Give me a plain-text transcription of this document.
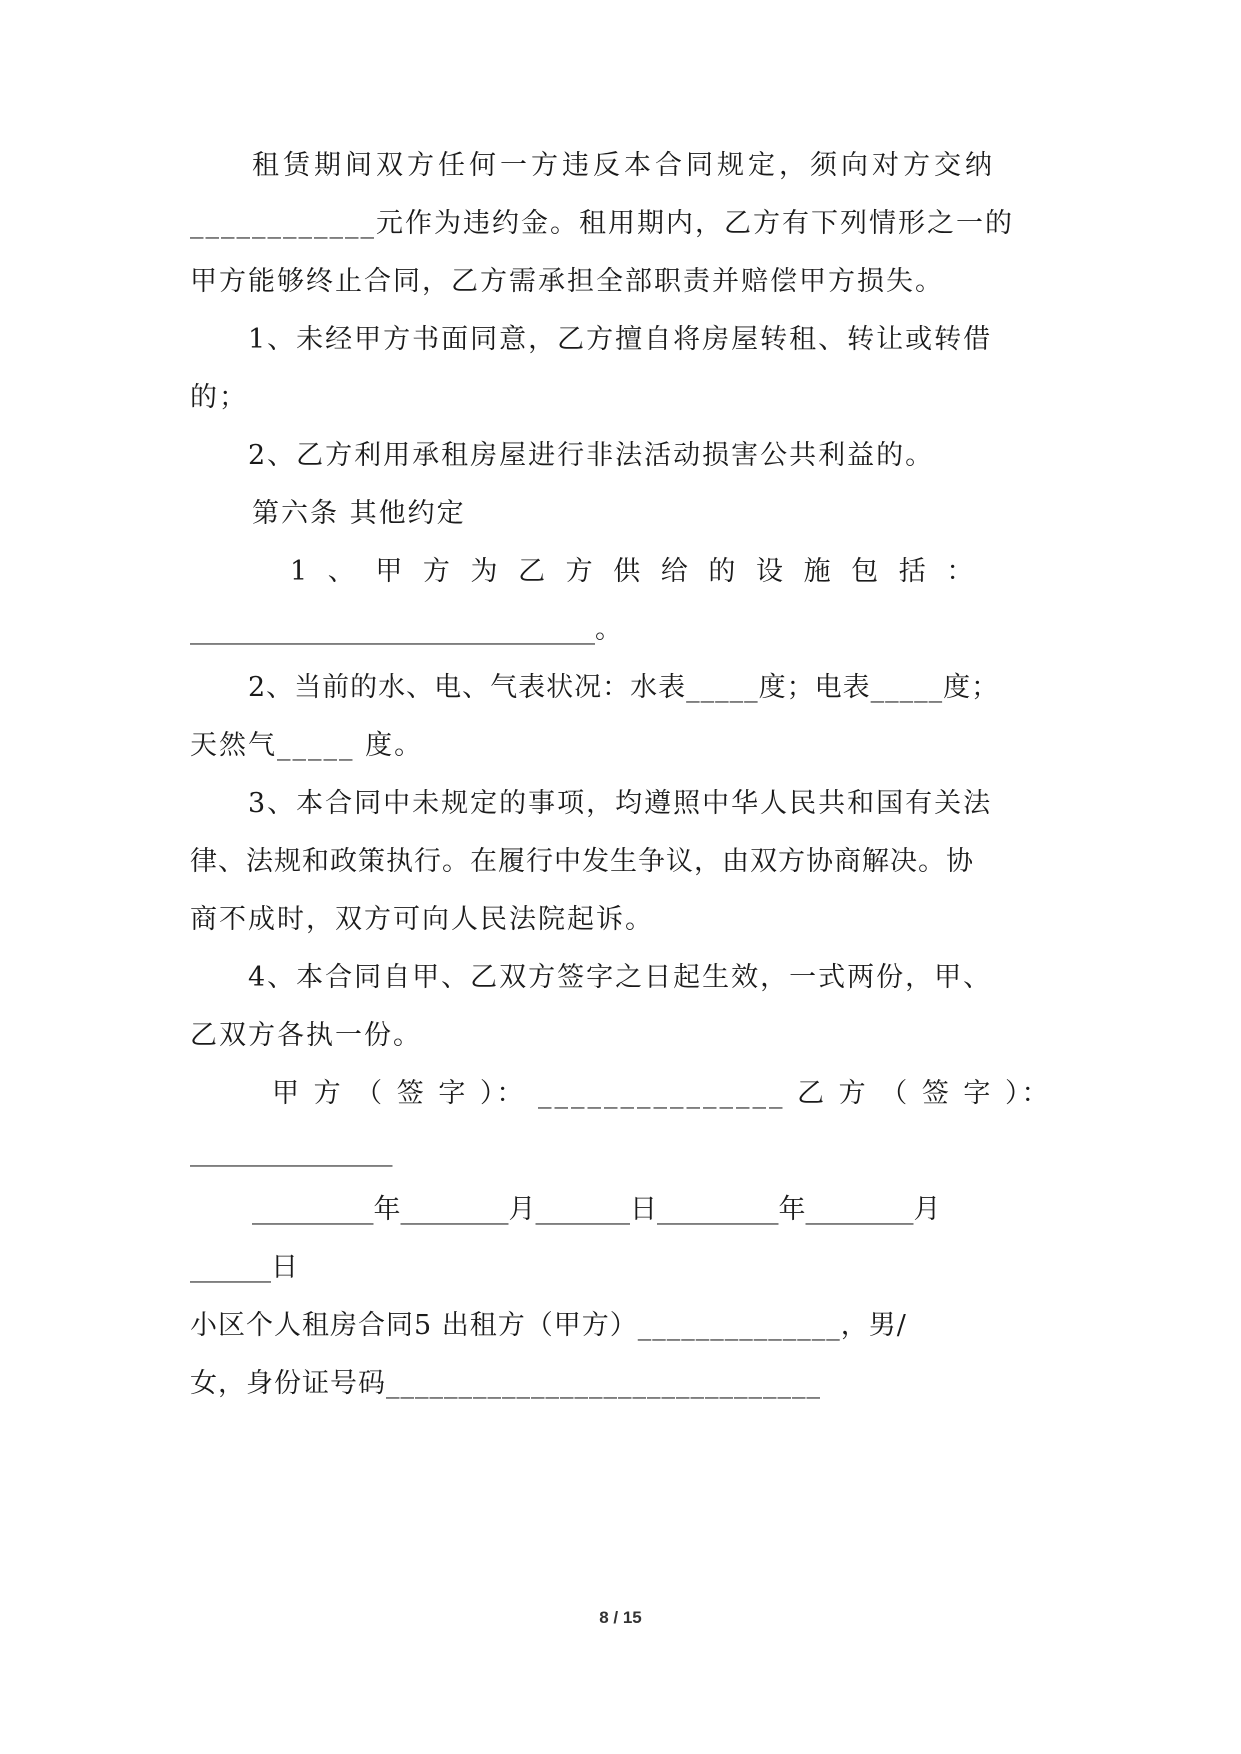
租赁期间双方任何一方违反本合同规定，须向对方交纳
____________元作为违约金。租用期内，乙方有下列情形之一的
甲方能够终止合同，乙方需承担全部职责并赔偿甲方损失。
1、未经甲方书面同意，乙方擅自将房屋转租、转让或转借
的；
2、乙方利用承租房屋进行非法活动损害公共利益的。
第六条 其他约定
1 、 甲 方 为 乙 方 供 给 的 设 施 包 括 ：
______________________________。
2、当前的水、电、气表状况：水表_____度；电表_____度；
天然气_____ 度。
3、本合同中未规定的事项，均遵照中华人民共和国有关法
律、法规和政策执行。在履行中发生争议，由双方协商解决。协
商不成时，双方可向人民法院起诉。
4、本合同自甲、乙双方签字之日起生效，一式两份，甲、
乙双方各执一份。
甲 方 （ 签 字 ）： _______________ 乙 方 （ 签 字 ）：
_______________
_________年________月_______日_________年________月
______日
小区个人租房合同5 出租方（甲方）______________，男/
女，身份证号码______________________________
8 / 15
